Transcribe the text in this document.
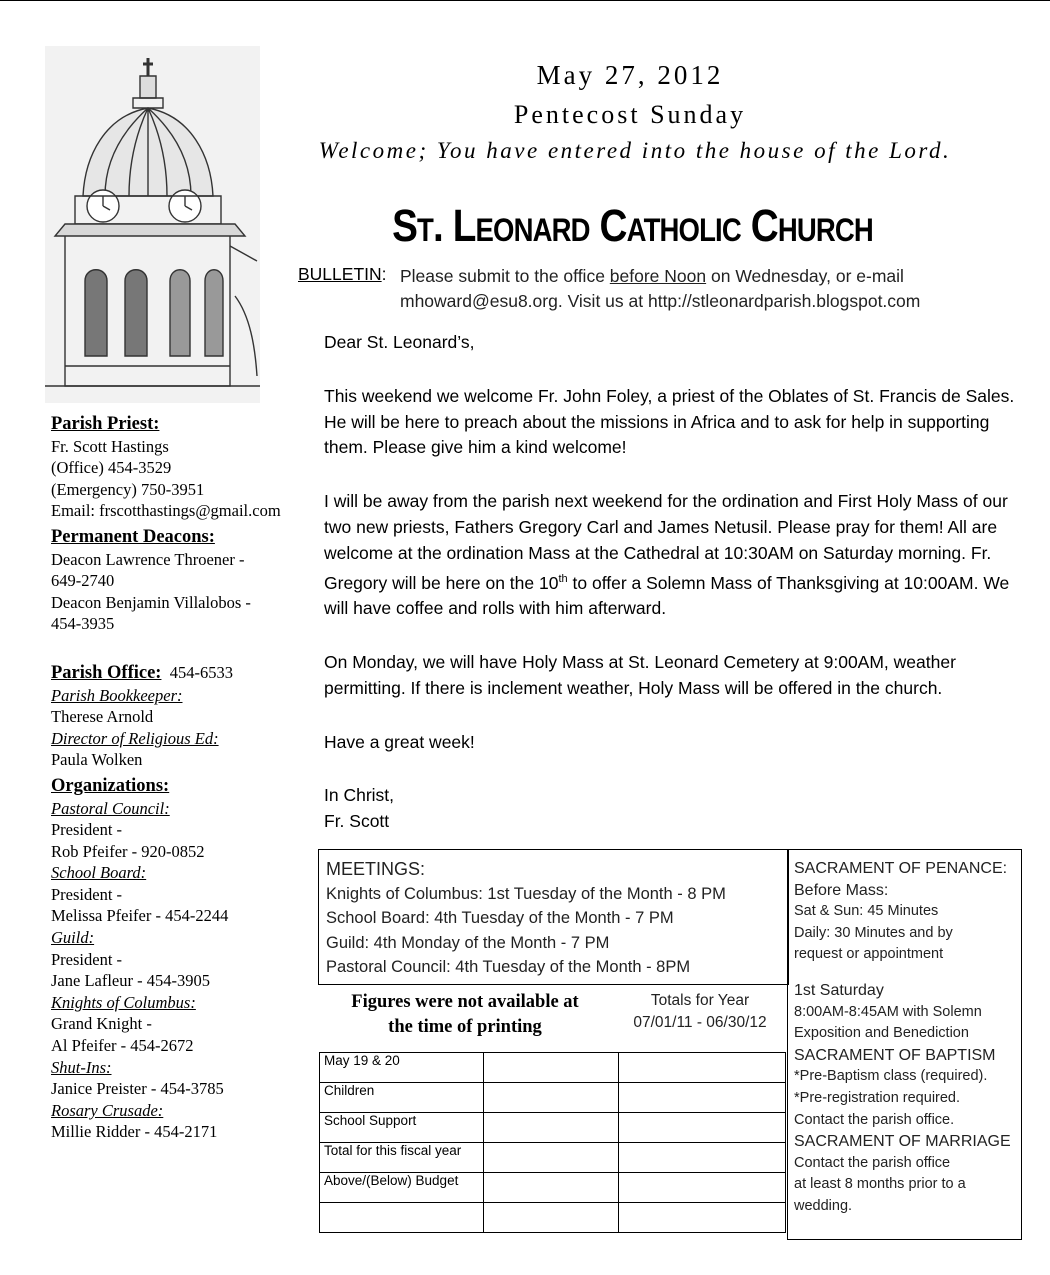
May 27, 2012
Pentecost Sunday
Welcome; You have entered into the house of the Lord.
St. Leonard Catholic Church
BULLETIN: Please submit to the office before Noon on Wednesday, or e-mail
mhoward@esu8.org. Visit us at http://stleonardparish.blogspot.com
Parish Priest:
Fr. Scott Hastings
(Office) 454-3529
(Emergency) 750-3951
Email: frscotthastings@gmail.com
Permanent Deacons:
Deacon Lawrence Throener -
649-2740
Deacon Benjamin Villalobos -
454-3935
Parish Office: 454-6533
Parish Bookkeeper:
Therese Arnold
Director of Religious Ed:
Paula Wolken
Organizations:
Pastoral Council:
President -
Rob Pfeifer - 920-0852
School Board:
President -
Melissa Pfeifer - 454-2244
Guild:
President -
Jane Lafleur - 454-3905
Knights of Columbus:
Grand Knight -
Al Pfeifer - 454-2672
Shut-Ins:
Janice Preister - 454-3785
Rosary Crusade:
Millie Ridder - 454-2171

Dear St. Leonard’s,

This weekend we welcome Fr. John Foley, a priest of the Oblates of St. Francis de Sales. He will be here to preach about the missions in Africa and to ask for help in supporting them. Please give him a kind welcome!

I will be away from the parish next weekend for the ordination and First Holy Mass of our two new priests, Fathers Gregory Carl and James Netusil. Please pray for them! All are welcome at the ordination Mass at the Cathedral at 10:30AM on Saturday morning. Fr. Gregory will be here on the 10th to offer a Solemn Mass of Thanksgiving at 10:00AM. We will have coffee and rolls with him afterward.

On Monday, we will have Holy Mass at St. Leonard Cemetery at 9:00AM, weather permitting. If there is inclement weather, Holy Mass will be offered in the church.

Have a great week!

In Christ,
Fr. Scott
MEETINGS:
Knights of Columbus: 1st Tuesday of the Month - 8 PM
School Board: 4th Tuesday of the Month - 7 PM
Guild: 4th Monday of the Month - 7 PM
Pastoral Council: 4th Tuesday of the Month - 8PM
Figures were not available at
the time of printing
Totals for Year
07/01/11 - 06/30/12
May 19 & 20		
Children		
School Support		
Total for this fiscal year		
Above/(Below) Budget		

SACRAMENT OF PENANCE:
Before Mass:
Sat & Sun: 45 Minutes
Daily: 30 Minutes and by
request or appointment
1st Saturday
8:00AM-8:45AM with Solemn
Exposition and Benediction
SACRAMENT OF BAPTISM
*Pre-Baptism class (required).
*Pre-registration required.
Contact the parish office.
SACRAMENT OF MARRIAGE
Contact the parish office
at least 8 months prior to a
wedding.
